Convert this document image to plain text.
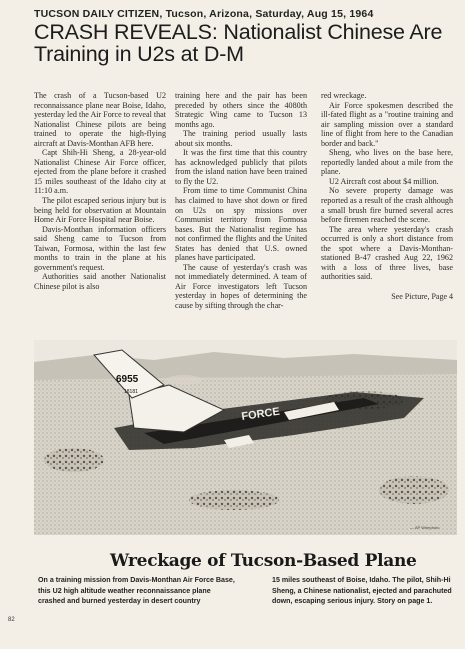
TUCSON DAILY CITIZEN, Tucson, Arizona, Saturday, Aug 15, 1964
CRASH REVEALS: Nationalist Chinese Are Training in U2s at D-M

The crash of a Tucson-based U2 reconnaissance plane near Boise, Idaho, yesterday led the Air Force to reveal that Nationalist Chinese pilots are being trained to operate the high-flying aircraft at Davis-Monthan AFB here.

Capt Shih-Hi Sheng, a 28-year-old Nationalist Chinese Air Force officer, ejected from the plane before it crashed 15 miles southeast of the Idaho city at 11:10 a.m.

The pilot escaped serious injury but is being held for observation at Mountain Home Air Force Hospital near Boise.

Davis-Monthan information officers said Sheng came to Tucson from Taiwan, Formosa, within the last few months to train in the plane at his government's request.

Authorities said another Nationalist Chinese pilot is also

training here and the pair has been preceded by others since the 4080th Strategic Wing came to Tucson 13 months ago.

The training period usually lasts about six months.

It was the first time that this country has acknowledged publicly that pilots from the island nation have been trained to fly the U2.

From time to time Communist China has claimed to have shot down or fired on U2s on spy missions over Communist territory from Formosa bases. But the Nationalist regime has not confirmed the flights and the United States has denied that U.S. owned planes have participated.

The cause of yesterday's crash was not immediately determined. A team of Air Force investigators left Tucson yesterday in hopes of determining the cause by sifting through the char-

red wreckage.

Air Force spokesmen described the ill-fated flight as a "routine training and air sampling mission over a standard line of flight from here to the Canadian border and back."

Sheng, who lives on the base here, reportedly landed about a mile from the plane.

U2 Aircraft cost about $4 million.

No severe property damage was reported as a result of the crash although a small brush fire burned several acres before firemen reached the scene.

The area where yesterday's crash occurred is only a short distance from the spot where a Davis-Monthan-stationed B-47 crashed Aug 22, 1962 with a loss of three lives, base authorities said.

See Picture, Page 4

6955
18181
FORCE
— AP Wirephoto
Wreckage of Tucson-Based Plane
On a training mission from Davis-Monthan Air Force Base, this U2 high altitude weather reconnaissance plane crashed and burned yesterday in desert country
15 miles southeast of Boise, Idaho. The pilot, Shih-Hi Sheng, a Chinese nationalist, ejected and parachuted down, escaping serious injury. Story on page 1.
82
